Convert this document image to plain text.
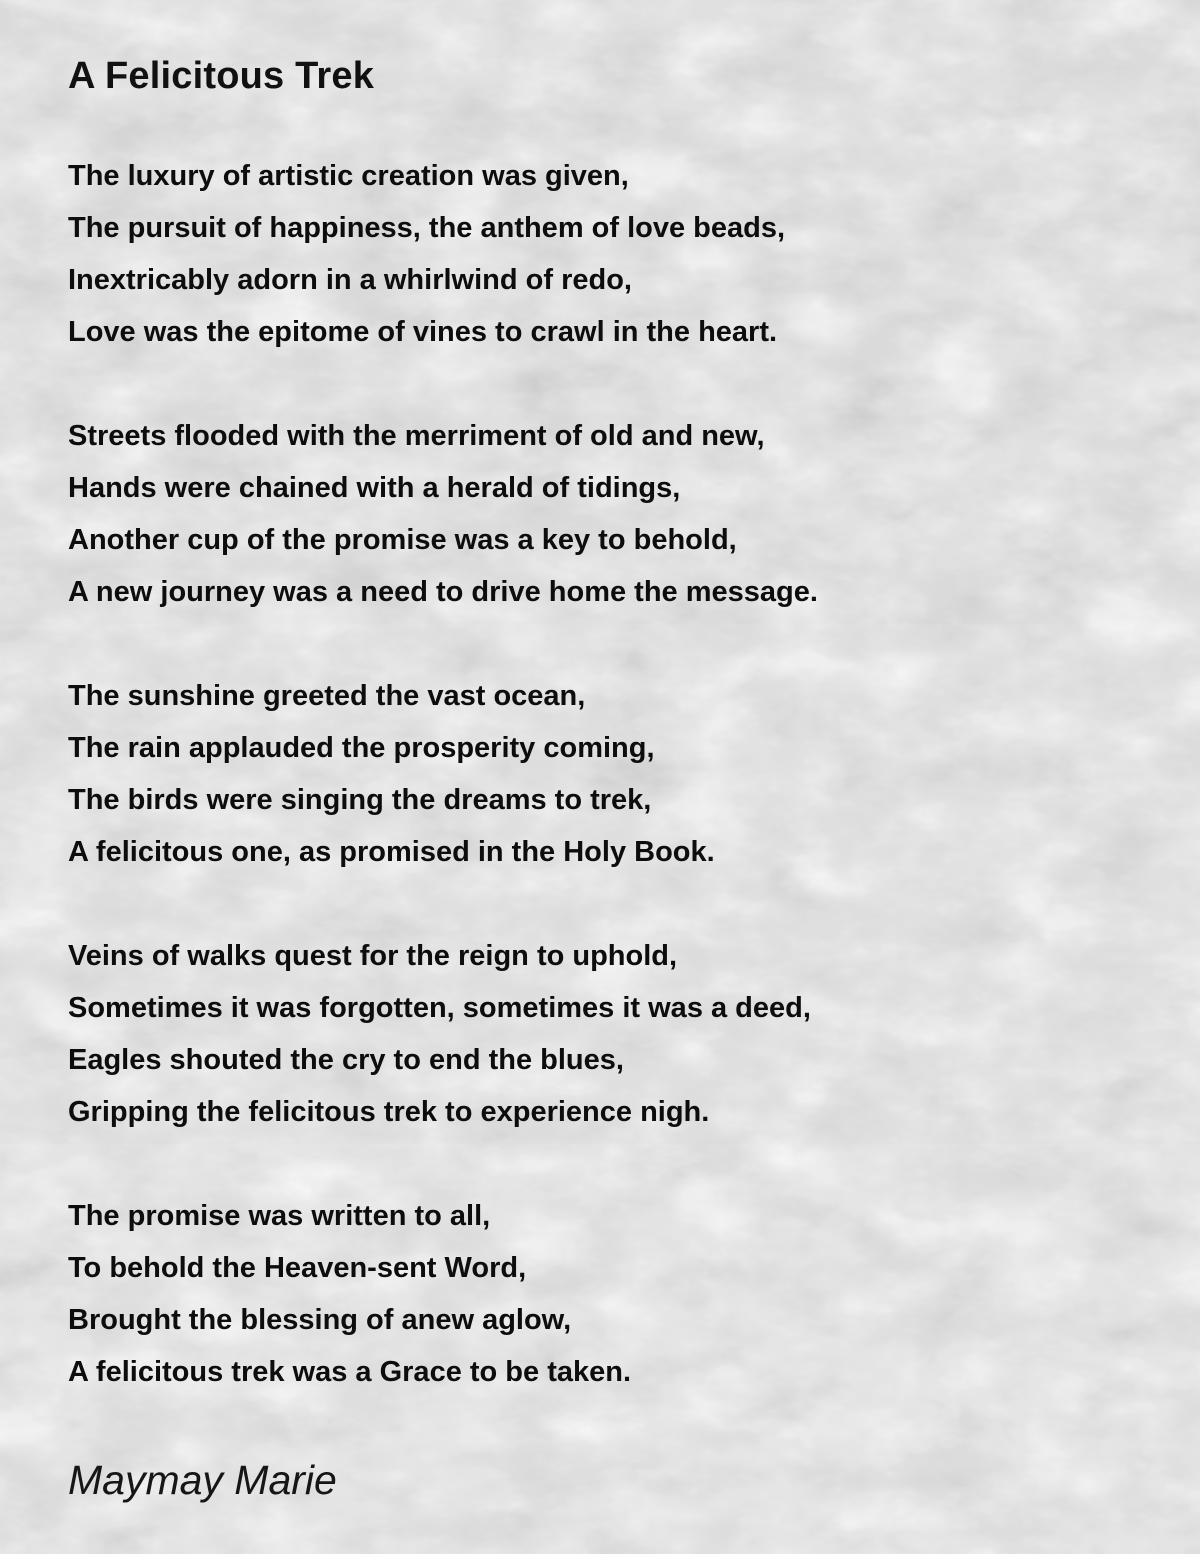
A Felicitous Trek
The luxury of artistic creation was given,
The pursuit of happiness, the anthem of love beads,
Inextricably adorn in a whirlwind of redo,
Love was the epitome of vines to crawl in the heart.
Streets flooded with the merriment of old and new,
Hands were chained with a herald of tidings,
Another cup of the promise was a key to behold,
A new journey was a need to drive home the message.
The sunshine greeted the vast ocean,
The rain applauded the prosperity coming,
The birds were singing the dreams to trek,
A felicitous one, as promised in the Holy Book.
Veins of walks quest for the reign to uphold,
Sometimes it was forgotten, sometimes it was a deed,
Eagles shouted the cry to end the blues,
Gripping the felicitous trek to experience nigh.
The promise was written to all,
To behold the Heaven-sent Word,
Brought the blessing of anew aglow,
A felicitous trek was a Grace to be taken.

Maymay Marie
